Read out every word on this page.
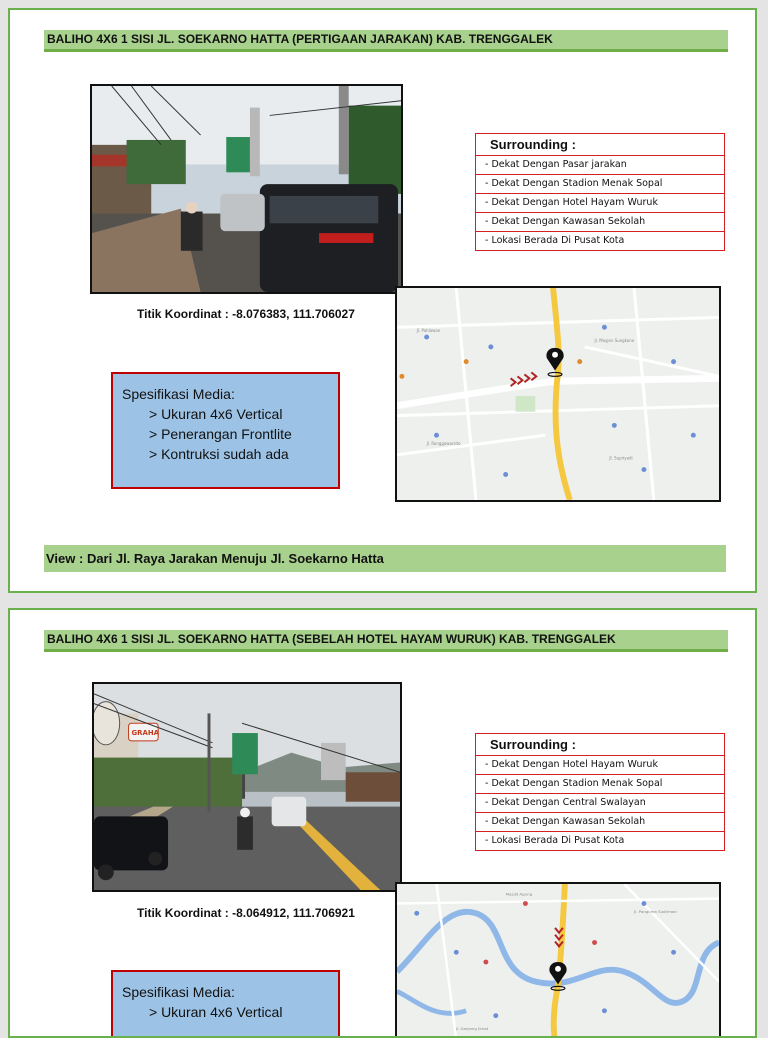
BALIHO 4X6 1 SISI JL. SOEKARNO HATTA (PERTIGAAN JARAKAN) KAB. TRENGGALEK
Surrounding :
- Dekat Dengan Pasar jarakan
- Dekat Dengan Stadion Menak Sopal
- Dekat Dengan Hotel Hayam Wuruk
- Dekat Dengan Kawasan Sekolah
- Lokasi Berada Di Pusat Kota
Titik Koordinat : -8.076383, 111.706027
Jl. Pahlawan
Jl. Mayjen Sungkono
Jl. Ronggowarsito
Jl. Supriyadi
Spesifikasi Media:
> Ukuran 4x6 Vertical
> Penerangan Frontlite
> Kontruksi sudah ada
View : Dari Jl. Raya Jarakan Menuju Jl. Soekarno Hatta
BALIHO 4X6 1 SISI JL. SOEKARNO HATTA (SEBELAH HOTEL HAYAM WURUK) KAB. TRENGGALEK
GRAHA
Surrounding :
- Dekat Dengan Hotel Hayam Wuruk
- Dekat Dengan Stadion Menak Sopal
- Dekat Dengan Central Swalayan
- Dekat Dengan Kawasan Sekolah
- Lokasi Berada Di Pusat Kota
Titik Koordinat : -8.064912, 111.706921
Masjid Agung
Jl. Panglima Sudirman
Jl. Kanjeng Jimat
Spesifikasi Media:
> Ukuran 4x6 Vertical
